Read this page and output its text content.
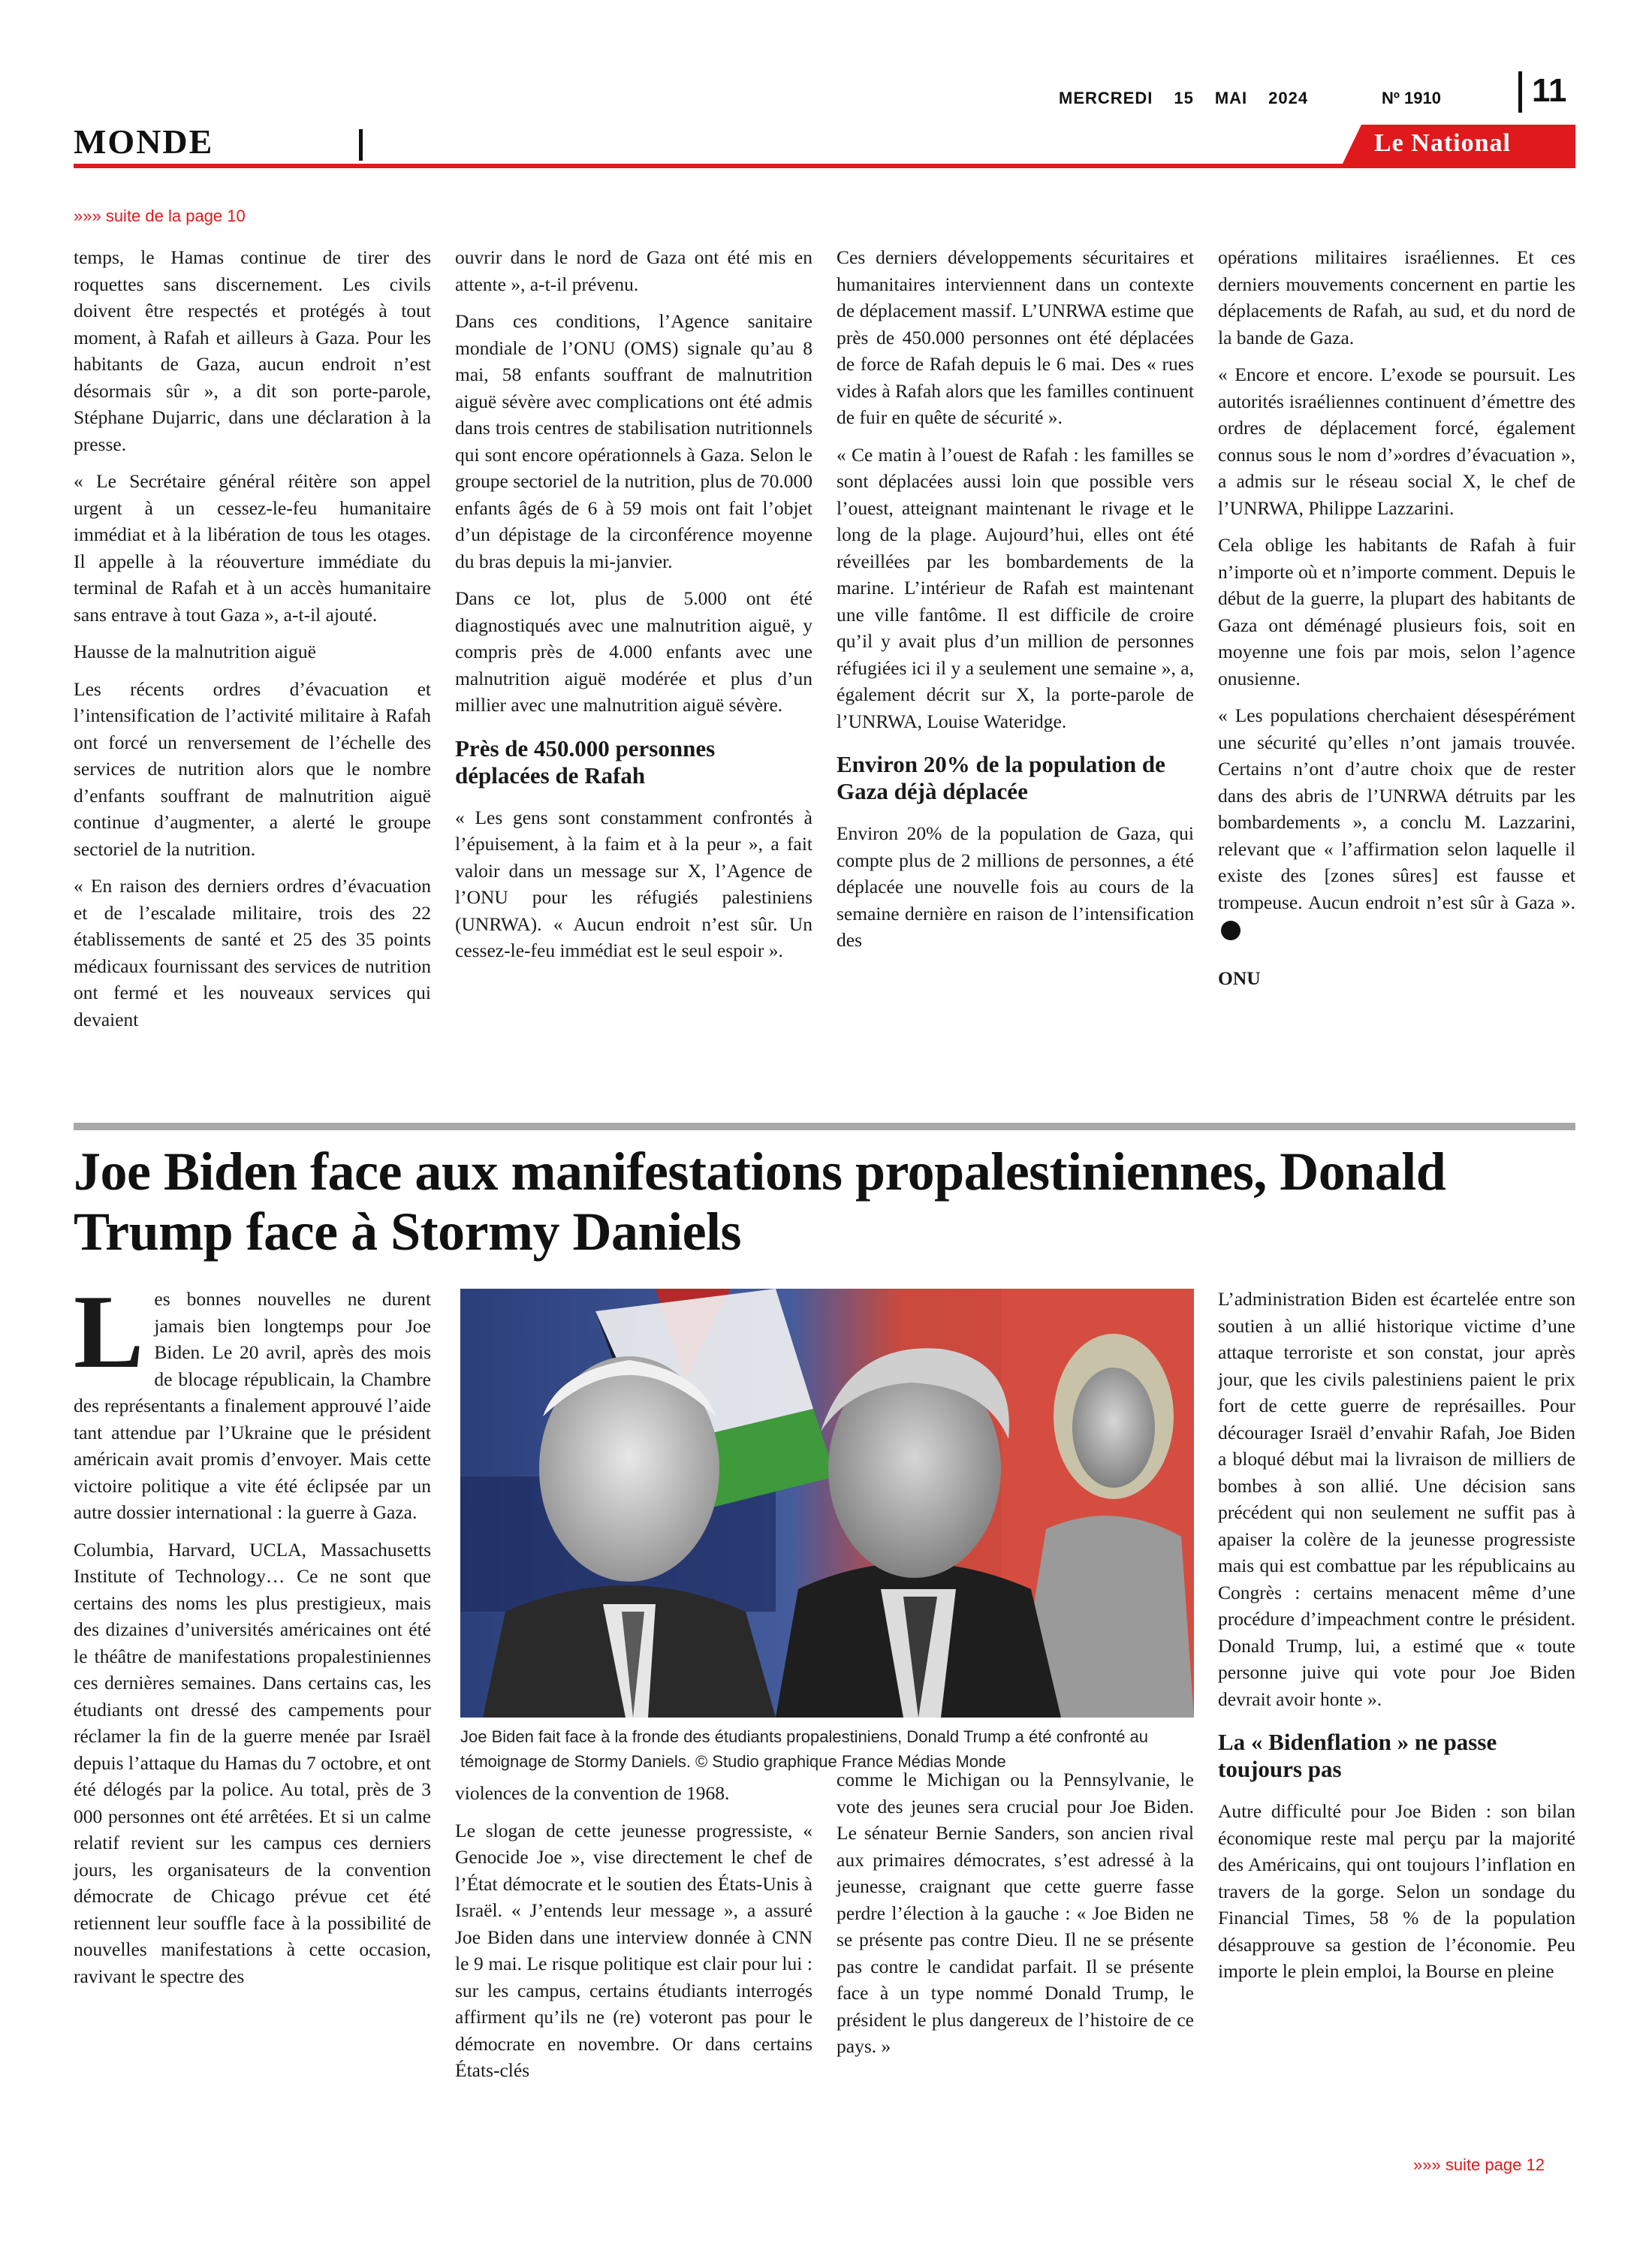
MERCREDI 15 MAI 2024	Nº 1910	11
MONDE	Le National
»»» suite de la page 10

temps, le Hamas continue de tirer des roquettes sans discernement. Les civils doivent être respectés et protégés à tout moment, à Rafah et ailleurs à Gaza. Pour les habitants de Gaza, aucun endroit n’est désormais sûr », a dit son porte-parole, Stéphane Dujarric, dans une déclaration à la presse.

« Le Secrétaire général réitère son appel urgent à un cessez-le-feu humanitaire immédiat et à la libération de tous les otages. Il appelle à la réouverture immédiate du terminal de Rafah et à un accès humanitaire sans entrave à tout Gaza », a-t-il ajouté.

Hausse de la malnutrition aiguë

Les récents ordres d’évacuation et l’intensification de l’activité militaire à Rafah ont forcé un renversement de l’échelle des services de nutrition alors que le nombre d’enfants souffrant de malnutrition aiguë continue d’augmenter, a alerté le groupe sectoriel de la nutrition.

« En raison des derniers ordres d’évacuation et de l’escalade militaire, trois des 22 établissements de santé et 25 des 35 points médicaux fournissant des services de nutrition ont fermé et les nouveaux services qui devaient

ouvrir dans le nord de Gaza ont été mis en attente », a-t-il prévenu.

Dans ces conditions, l’Agence sanitaire mondiale de l’ONU (OMS) signale qu’au 8 mai, 58 enfants souffrant de malnutrition aiguë sévère avec complications ont été admis dans trois centres de stabilisation nutritionnels qui sont encore opérationnels à Gaza. Selon le groupe sectoriel de la nutrition, plus de 70.000 enfants âgés de 6 à 59 mois ont fait l’objet d’un dépistage de la circonférence moyenne du bras depuis la mi-janvier.

Dans ce lot, plus de 5.000 ont été diagnostiqués avec une malnutrition aiguë, y compris près de 4.000 enfants avec une malnutrition aiguë modérée et plus d’un millier avec une malnutrition aiguë sévère.

Près de 450.000 personnes déplacées de Rafah

« Les gens sont constamment confrontés à l’épuisement, à la faim et à la peur », a fait valoir dans un message sur X, l’Agence de l’ONU pour les réfugiés palestiniens (UNRWA). « Aucun endroit n’est sûr. Un cessez-le-feu immédiat est le seul espoir ».

Ces derniers développements sécuritaires et humanitaires interviennent dans un contexte de déplacement massif. L’UNRWA estime que près de 450.000 personnes ont été déplacées de force de Rafah depuis le 6 mai. Des « rues vides à Rafah alors que les familles continuent de fuir en quête de sécurité ».

« Ce matin à l’ouest de Rafah : les familles se sont déplacées aussi loin que possible vers l’ouest, atteignant maintenant le rivage et le long de la plage. Aujourd’hui, elles ont été réveillées par les bombardements de la marine. L’intérieur de Rafah est maintenant une ville fantôme. Il est difficile de croire qu’il y avait plus d’un million de personnes réfugiées ici il y a seulement une semaine », a, également décrit sur X, la porte-parole de l’UNRWA, Louise Wateridge.

Environ 20% de la population de Gaza déjà déplacée

Environ 20% de la population de Gaza, qui compte plus de 2 millions de personnes, a été déplacée une nouvelle fois au cours de la semaine dernière en raison de l’intensification des

opérations militaires israéliennes. Et ces derniers mouvements concernent en partie les déplacements de Rafah, au sud, et du nord de la bande de Gaza.

« Encore et encore. L’exode se poursuit. Les autorités israéliennes continuent d’émettre des ordres de déplacement forcé, également connus sous le nom d’»ordres d’évacuation », a admis sur le réseau social X, le chef de l’UNRWA, Philippe Lazzarini.

Cela oblige les habitants de Rafah à fuir n’importe où et n’importe comment. Depuis le début de la guerre, la plupart des habitants de Gaza ont déménagé plusieurs fois, soit en moyenne une fois par mois, selon l’agence onusienne.

« Les populations cherchaient désespérément une sécurité qu’elles n’ont jamais trouvée. Certains n’ont d’autre choix que de rester dans des abris de l’UNRWA détruits par les bombardements », a conclu M. Lazzarini, relevant que « l’affirmation selon laquelle il existe des [zones sûres] est fausse et trompeuse. Aucun endroit n’est sûr à Gaza ».

ONU

Joe Biden face aux manifestations propalestiniennes, Donald Trump face à Stormy Daniels

Les bonnes nouvelles ne durent jamais bien longtemps pour Joe Biden. Le 20 avril, après des mois de blocage républicain, la Chambre des représentants a finalement approuvé l’aide tant attendue par l’Ukraine que le président américain avait promis d’envoyer. Mais cette victoire politique a vite été éclipsée par un autre dossier international : la guerre à Gaza.

Columbia, Harvard, UCLA, Massachusetts Institute of Technology… Ce ne sont que certains des noms les plus prestigieux, mais des dizaines d’universités américaines ont été le théâtre de manifestations propalestiniennes ces dernières semaines. Dans certains cas, les étudiants ont dressé des campements pour réclamer la fin de la guerre menée par Israël depuis l’attaque du Hamas du 7 octobre, et ont été délogés par la police. Au total, près de 3 000 personnes ont été arrêtées. Et si un calme relatif revient sur les campus ces derniers jours, les organisateurs de la convention démocrate de Chicago prévue cet été retiennent leur souffle face à la possibilité de nouvelles manifestations à cette occasion, ravivant le spectre des

Joe Biden fait face à la fronde des étudiants propalestiniens, Donald Trump a été confronté au témoignage de Stormy Daniels. © Studio graphique France Médias Monde

violences de la convention de 1968.

Le slogan de cette jeunesse progressiste, « Genocide Joe », vise directement le chef de l’État démocrate et le soutien des États-Unis à Israël. « J’entends leur message », a assuré Joe Biden dans une interview donnée à CNN le 9 mai. Le risque politique est clair pour lui : sur les campus, certains étudiants interrogés affirment qu’ils ne (re) voteront pas pour le démocrate en novembre. Or dans certains États-clés

comme le Michigan ou la Pennsylvanie, le vote des jeunes sera crucial pour Joe Biden. Le sénateur Bernie Sanders, son ancien rival aux primaires démocrates, s’est adressé à la jeunesse, craignant que cette guerre fasse perdre l’élection à la gauche : « Joe Biden ne se présente pas contre Dieu. Il ne se présente pas contre le candidat parfait. Il se présente face à un type nommé Donald Trump, le président le plus dangereux de l’histoire de ce pays. »

L’administration Biden est écartelée entre son soutien à un allié historique victime d’une attaque terroriste et son constat, jour après jour, que les civils palestiniens paient le prix fort de cette guerre de représailles. Pour décourager Israël d’envahir Rafah, Joe Biden a bloqué début mai la livraison de milliers de bombes à son allié. Une décision sans précédent qui non seulement ne suffit pas à apaiser la colère de la jeunesse progressiste mais qui est combattue par les républicains au Congrès : certains menacent même d’une procédure d’impeachment contre le président. Donald Trump, lui, a estimé que « toute personne juive qui vote pour Joe Biden devrait avoir honte ».

La « Bidenflation » ne passe toujours pas

Autre difficulté pour Joe Biden : son bilan économique reste mal perçu par la majorité des Américains, qui ont toujours l’inflation en travers de la gorge. Selon un sondage du Financial Times, 58 % de la population désapprouve sa gestion de l’économie. Peu importe le plein emploi, la Bourse en pleine

»»» suite page 12
